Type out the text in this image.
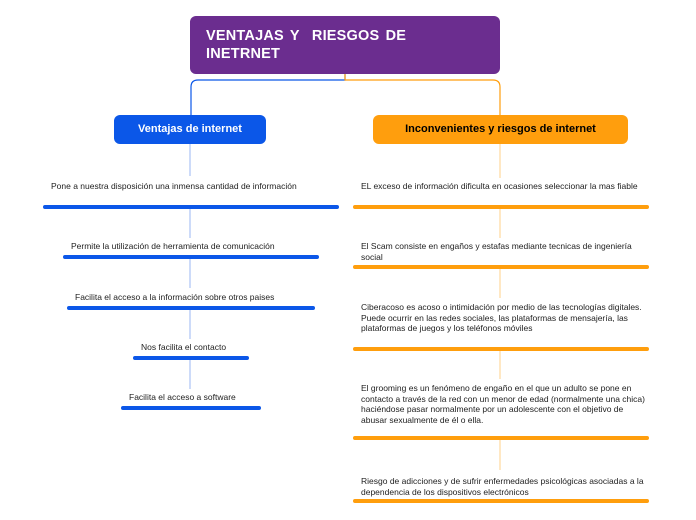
VENTAJAS Y  RIESGOS DE INETRNET
Ventajas de internet	Inconvenientes y riesgos de internet

Pone a nuestra disposición una inmensa cantidad de información

Permite la utilización de herramienta de comunicación

Facilita el acceso a la información sobre otros paises

Nos facilita el contacto

Facilita el acceso a software

EL exceso de información dificulta en ocasiones seleccionar la mas fiable

El Scam consiste en engaños y estafas mediante tecnicas de ingeniería social

Ciberacoso es acoso o intimidación por medio de las tecnologías digitales. Puede ocurrir en las redes sociales, las plataformas de mensajería, las plataformas de juegos y los teléfonos móviles

El grooming es un fenómeno de engaño en el que un adulto se pone en contacto a través de la red con un menor de edad (normalmente una chica) haciéndose pasar normalmente por un adolescente con el objetivo de abusar sexualmente de él o ella.

Riesgo de adicciones y de sufrir enfermedades psicológicas asociadas a la dependencia de los dispositivos electrónicos
